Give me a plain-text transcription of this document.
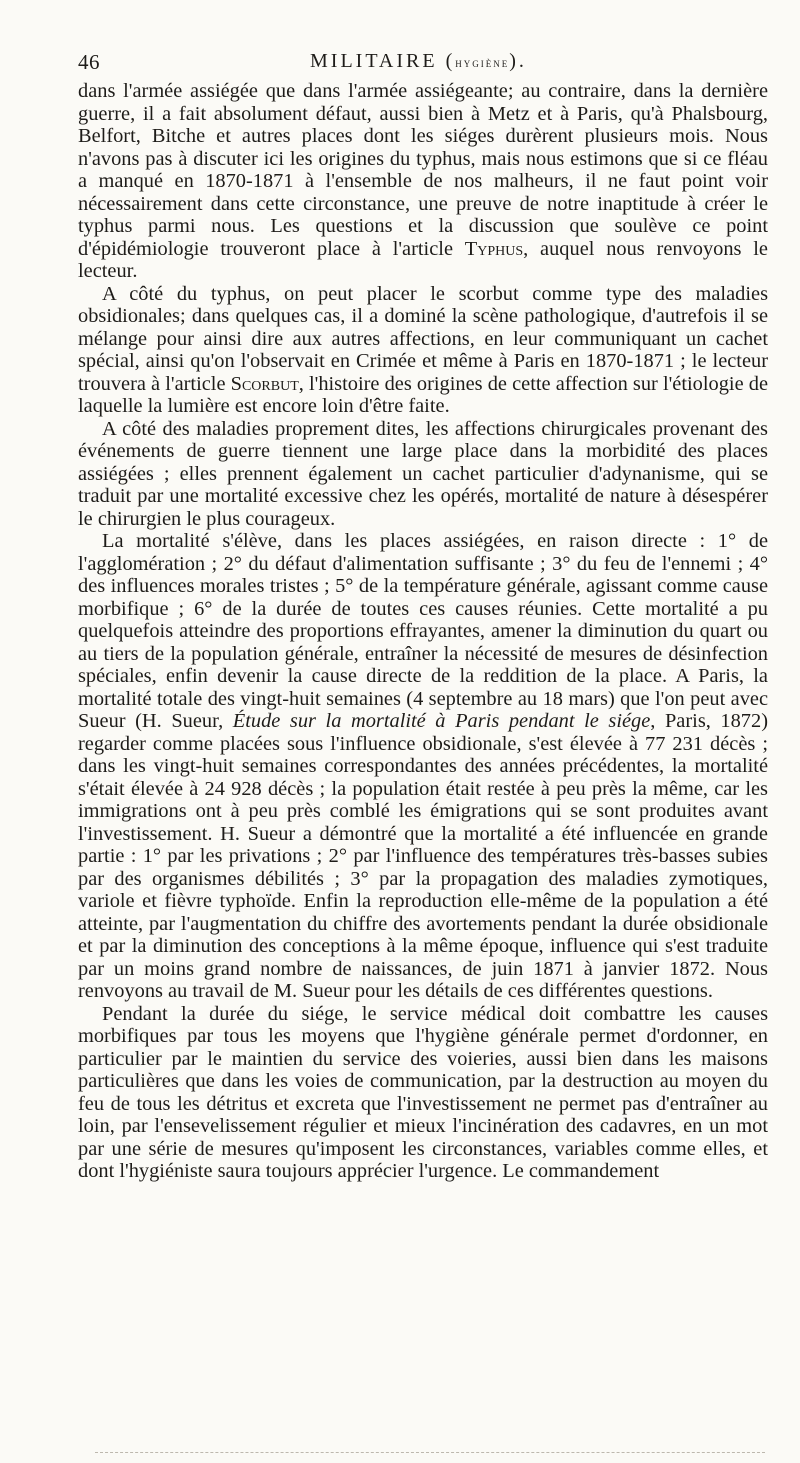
46	MILITAIRE (hygiène).

dans l'armée assiégée que dans l'armée assiégeante; au contraire, dans la dernière guerre, il a fait absolument défaut, aussi bien à Metz et à Paris, qu'à Phalsbourg, Belfort, Bitche et autres places dont les siéges durèrent plusieurs mois. Nous n'avons pas à discuter ici les origines du typhus, mais nous estimons que si ce fléau a manqué en 1870-1871 à l'ensemble de nos malheurs, il ne faut point voir nécessairement dans cette circonstance, une preuve de notre inaptitude à créer le typhus parmi nous. Les questions et la discussion que soulève ce point d'épidémiologie trouveront place à l'article Typhus, auquel nous renvoyons le lecteur.

A côté du typhus, on peut placer le scorbut comme type des maladies obsidionales; dans quelques cas, il a dominé la scène pathologique, d'autrefois il se mélange pour ainsi dire aux autres affections, en leur communiquant un cachet spécial, ainsi qu'on l'observait en Crimée et même à Paris en 1870-1871 ; le lecteur trouvera à l'article Scorbut, l'histoire des origines de cette affection sur l'étiologie de laquelle la lumière est encore loin d'être faite.

A côté des maladies proprement dites, les affections chirurgicales provenant des événements de guerre tiennent une large place dans la morbidité des places assiégées ; elles prennent également un cachet particulier d'adynanisme, qui se traduit par une mortalité excessive chez les opérés, mortalité de nature à désespérer le chirurgien le plus courageux.

La mortalité s'élève, dans les places assiégées, en raison directe : 1° de l'agglomération ; 2° du défaut d'alimentation suffisante ; 3° du feu de l'ennemi ; 4° des influences morales tristes ; 5° de la température générale, agissant comme cause morbifique ; 6° de la durée de toutes ces causes réunies. Cette mortalité a pu quelquefois atteindre des proportions effrayantes, amener la diminution du quart ou au tiers de la population générale, entraîner la nécessité de mesures de désinfection spéciales, enfin devenir la cause directe de la reddition de la place. A Paris, la mortalité totale des vingt-huit semaines (4 septembre au 18 mars) que l'on peut avec Sueur (H. Sueur, Étude sur la mortalité à Paris pendant le siége, Paris, 1872) regarder comme placées sous l'influence obsidionale, s'est élevée à 77 231 décès ; dans les vingt-huit semaines correspondantes des années précédentes, la mortalité s'était élevée à 24 928 décès ; la population était restée à peu près la même, car les immigrations ont à peu près comblé les émigrations qui se sont produites avant l'investissement. H. Sueur a démontré que la mortalité a été influencée en grande partie : 1° par les privations ; 2° par l'influence des températures très-basses subies par des organismes débilités ; 3° par la propagation des maladies zymotiques, variole et fièvre typhoïde. Enfin la reproduction elle-même de la population a été atteinte, par l'augmentation du chiffre des avortements pendant la durée obsidionale et par la diminution des conceptions à la même époque, influence qui s'est traduite par un moins grand nombre de naissances, de juin 1871 à janvier 1872. Nous renvoyons au travail de M. Sueur pour les détails de ces différentes questions.

Pendant la durée du siége, le service médical doit combattre les causes morbifiques par tous les moyens que l'hygiène générale permet d'ordonner, en particulier par le maintien du service des voieries, aussi bien dans les maisons particulières que dans les voies de communication, par la destruction au moyen du feu de tous les détritus et excreta que l'investissement ne permet pas d'entraîner au loin, par l'ensevelissement régulier et mieux l'incinération des cadavres, en un mot par une série de mesures qu'imposent les circonstances, variables comme elles, et dont l'hygiéniste saura toujours apprécier l'urgence. Le commandement
